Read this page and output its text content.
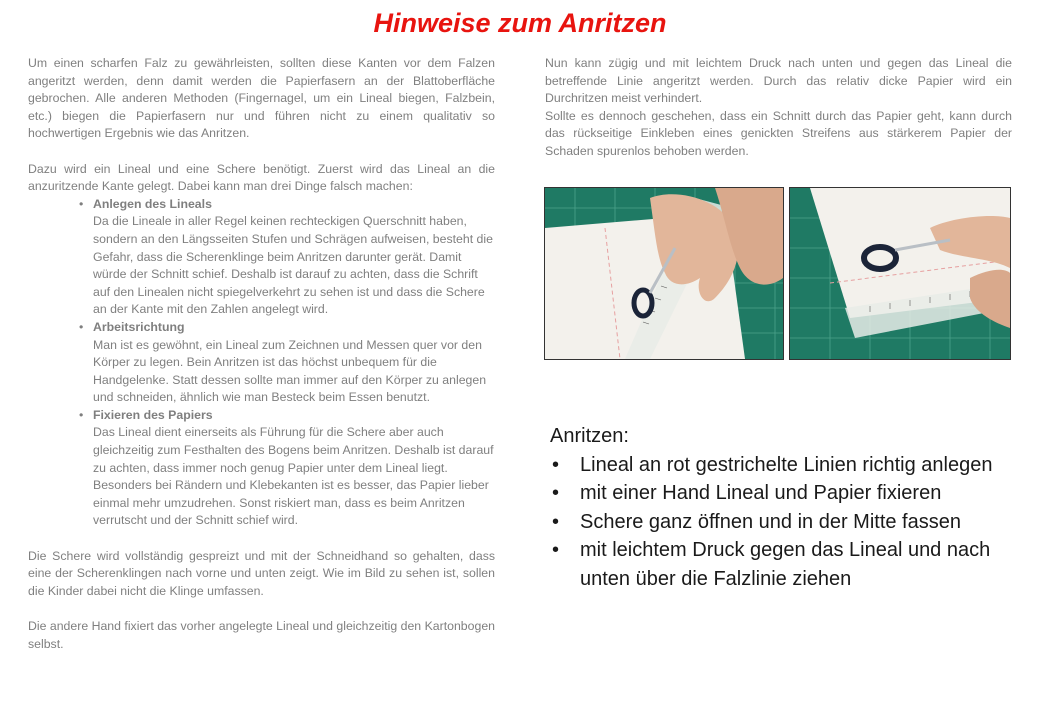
Hinweise zum Anritzen

Um einen scharfen Falz zu gewährleisten, sollten diese Kanten vor dem Falzen angeritzt werden, denn damit werden die Papierfasern an der Blattoberfläche gebrochen. Alle anderen Methoden (Fingernagel, um ein Lineal biegen, Falzbein, etc.) biegen die Papierfasern nur und führen nicht zu einem qualitativ so hochwertigen Ergebnis wie das Anritzen.

Dazu wird ein Lineal und eine Schere benötigt. Zuerst wird das Lineal an die anzuritzende Kante gelegt. Dabei kann man drei Dinge falsch machen:

• Anlegen des Lineals

Da die Lineale in aller Regel keinen rechteckigen Querschnitt haben, sondern an den Längsseiten Stufen und Schrägen aufweisen, besteht die Gefahr, dass die Scherenklinge beim Anritzen darunter gerät. Damit würde der Schnitt schief. Deshalb ist darauf zu achten, dass die Schrift auf den Linealen nicht spiegelverkehrt zu sehen ist und dass die Schere an der Kante mit den Zahlen angelegt wird.

• Arbeitsrichtung

Man ist es gewöhnt, ein Lineal zum Zeichnen und Messen quer vor den Körper zu legen. Bein Anritzen ist das höchst unbequem für die Handgelenke. Statt dessen sollte man immer auf den Körper zu anlegen und schneiden, ähnlich wie man Besteck beim Essen benutzt.

• Fixieren des Papiers

Das Lineal dient einerseits als Führung für die Schere aber auch gleichzeitig zum Festhalten des Bogens beim Anritzen. Deshalb ist darauf zu achten, dass immer noch genug Papier unter dem Lineal liegt. Besonders bei Rändern und Klebekanten ist es besser, das Papier lieber einmal mehr umzudrehen. Sonst riskiert man, dass es beim Anritzen verrutscht und der Schnitt schief wird.

Die Schere wird vollständig gespreizt und mit der Schneidhand so gehalten, dass eine der Scherenklingen nach vorne und unten zeigt. Wie im Bild zu sehen ist, sollen die Kinder dabei nicht die Klinge umfassen.

Die andere Hand fixiert das vorher angelegte Lineal und gleichzeitig den Kartonbogen selbst.

Nun kann zügig und mit leichtem Druck nach unten und gegen das Lineal die betreffende Linie angeritzt werden. Durch das relativ dicke Papier wird ein Durchritzen meist verhindert.

Sollte es dennoch geschehen, dass ein Schnitt durch das Papier geht, kann durch das rückseitige Einkleben eines genickten Streifens aus stärkerem Papier der Schaden spurenlos behoben werden.

Anritzen:
• Lineal an rot gestrichelte Linien richtig anlegen
• mit einer Hand Lineal und Papier fixieren
• Schere ganz öffnen und in der Mitte fassen
• mit leichtem Druck gegen das Lineal und nach unten über die Falzlinie ziehen
